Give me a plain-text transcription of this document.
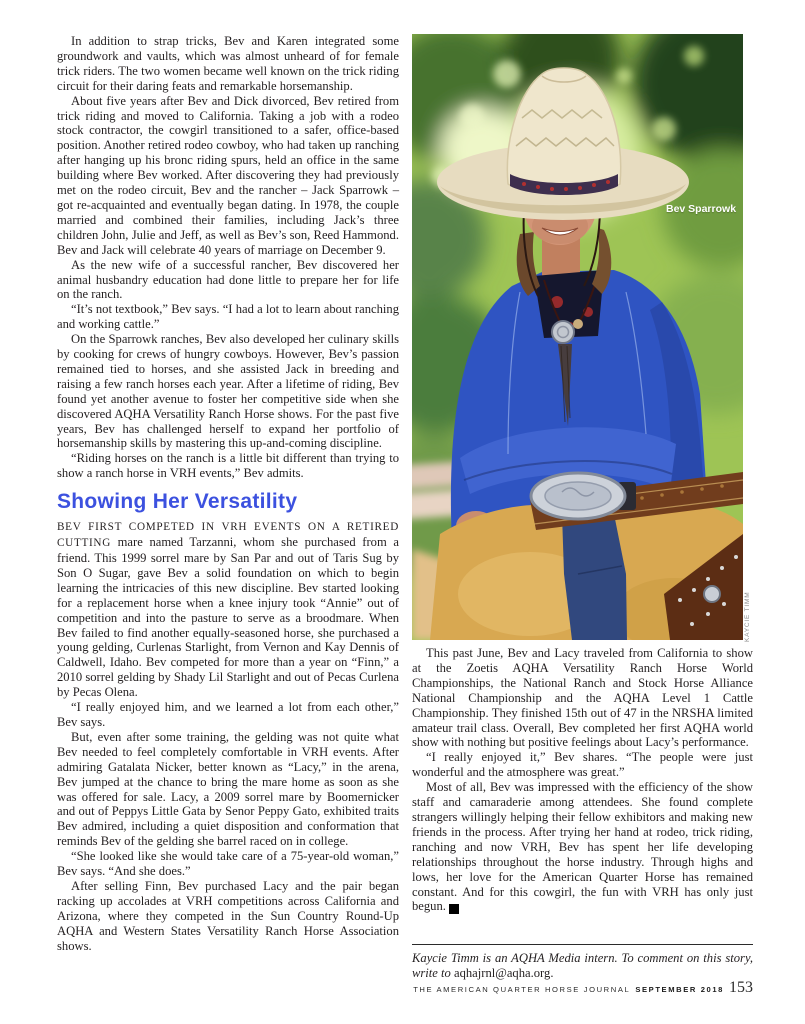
In addition to strap tricks, Bev and Karen integrated some groundwork and vaults, which was almost unheard of for female trick riders. The two women became well known on the trick riding circuit for their daring feats and remarkable horsemanship.

About five years after Bev and Dick divorced, Bev retired from trick riding and moved to California. Taking a job with a rodeo stock contractor, the cowgirl transitioned to a safer, office-based position. Another retired rodeo cowboy, who had taken up ranching after hanging up his bronc riding spurs, held an office in the same building where Bev worked. After discovering they had previously met on the rodeo circuit, Bev and the rancher – Jack Sparrowk – got re-acquainted and eventually began dating. In 1978, the couple married and combined their families, including Jack’s three children John, Julie and Jeff, as well as Bev’s son, Reed Hammond. Bev and Jack will celebrate 40 years of marriage on December 9.

As the new wife of a successful rancher, Bev discovered her animal husbandry education had done little to prepare her for life on the ranch.

“It’s not textbook,” Bev says. “I had a lot to learn about ranching and working cattle.”

On the Sparrowk ranches, Bev also developed her culinary skills by cooking for crews of hungry cowboys. However, Bev’s passion remained tied to horses, and she assisted Jack in breeding and raising a few ranch horses each year. After a lifetime of riding, Bev found yet another avenue to foster her competitive side when she discovered AQHA Versatility Ranch Horse shows. For the past five years, Bev has challenged herself to expand her portfolio of horsemanship skills by mastering this up-and-coming discipline.

“Riding horses on the ranch is a little bit different than trying to show a ranch horse in VRH events,” Bev admits.

Showing Her Versatility

BEV FIRST COMPETED IN VRH EVENTS ON A RETIRED CUTTING mare named Tarzanni, whom she purchased from a friend. This 1999 sorrel mare by San Par and out of Taris Sug by Son O Sugar, gave Bev a solid foundation on which to begin learning the intricacies of this new discipline. Bev started looking for a replacement horse when a knee injury took “Annie” out of competition and into the pasture to serve as a broodmare. When Bev failed to find another equally-seasoned horse, she purchased a young gelding, Curlenas Starlight, from Vernon and Kay Dennis of Caldwell, Idaho. Bev competed for more than a year on “Finn,” a 2010 sorrel gelding by Shady Lil Starlight and out of Pecas Curlena by Pecas Olena.

“I really enjoyed him, and we learned a lot from each other,” Bev says.

But, even after some training, the gelding was not quite what Bev needed to feel completely comfortable in VRH events. After admiring Gatalata Nicker, better known as “Lacy,” in the arena, Bev jumped at the chance to bring the mare home as soon as she was offered for sale. Lacy, a 2009 sorrel mare by Boomernicker and out of Peppys Little Gata by Senor Peppy Gato, exhibited traits Bev admired, including a quiet disposition and conformation that reminds Bev of the gelding she barrel raced on in college.

“She looked like she would take care of a 75-year-old woman,” Bev says. “And she does.”

After selling Finn, Bev purchased Lacy and the pair began racking up accolades at VRH competitions across California and Arizona, where they competed in the Sun Country Round-Up AQHA and Western States Versatility Ranch Horse Association shows.

Bev Sparrowk
KAYCIE TIMM

This past June, Bev and Lacy traveled from California to show at the Zoetis AQHA Versatility Ranch Horse World Championships, the National Ranch and Stock Horse Alliance National Championship and the AQHA Level 1 Cattle Championship. They finished 15th out of 47 in the NRSHA limited amateur trail class. Overall, Bev completed her first AQHA world show with nothing but positive feelings about Lacy’s performance.

“I really enjoyed it,” Bev shares. “The people were just wonderful and the atmosphere was great.”

Most of all, Bev was impressed with the efficiency of the show staff and camaraderie among attendees. She found complete strangers willingly helping their fellow exhibitors and making new friends in the process. After trying her hand at rodeo, trick riding, ranching and now VRH, Bev has spent her life developing relationships throughout the horse industry. Through highs and lows, her love for the American Quarter Horse has remained constant. And for this cowgirl, the fun with VRH has only just begun. Q

Kaycie Timm is an AQHA Media intern. To comment on this story, write to aqhajrnl@aqha.org.

THE AMERICAN QUARTER HORSE JOURNAL SEPTEMBER 2018 153
